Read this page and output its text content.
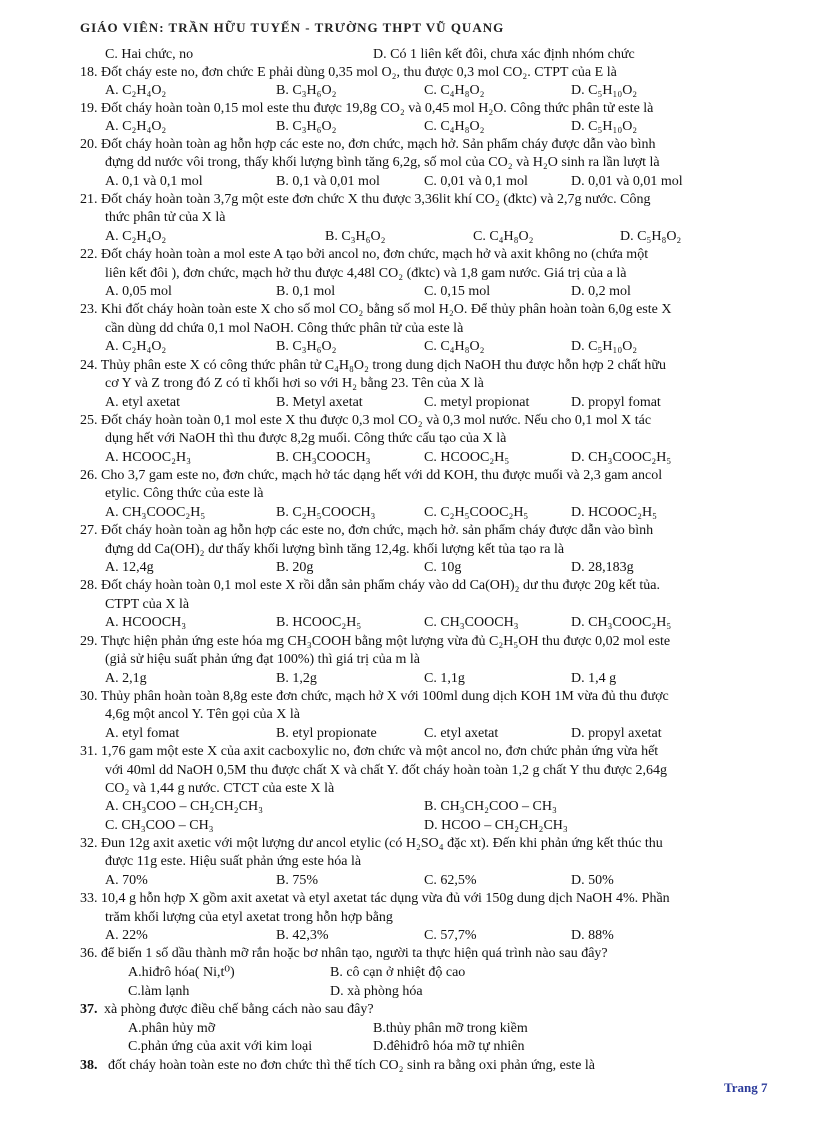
GIÁO VIÊN: TRẦN HỮU TUYẾN - TRƯỜNG THPT VŨ QUANG
C. Hai chức, no	D. Có 1 liên kết đôi, chưa xác định nhóm chức
18. Đốt cháy este no, đơn chức E phải dùng 0,35 mol O₂, thu được 0,3 mol CO₂. CTPT của E là
A. C₂H₄O₂	B. C₃H₆O₂	C. C₄H₈O₂	D. C₅H₁₀O₂
19. Đốt cháy hoàn toàn 0,15 mol este thu được 19,8g CO₂ và 0,45 mol H₂O. Công thức phân tử este là
A. C₂H₄O₂	B. C₃H₆O₂	C. C₄H₈O₂	D. C₅H₁₀O₂
20. Đốt cháy hoàn toàn ag hỗn hợp các este no, đơn chức, mạch hở. Sản phẩm cháy được dẫn vào bình
đựng dd nước vôi trong, thấy khối lượng bình tăng 6,2g, số mol của CO₂ và H₂O sinh ra lần lượt là
A. 0,1 và 0,1 mol	B. 0,1 và 0,01 mol	C. 0,01 và 0,1 mol	D. 0,01 và 0,01 mol
21. Đốt cháy hoàn toàn 3,7g một este đơn chức X thu được 3,36lit khí CO₂ (đktc) và 2,7g nước. Công
thức phân tử của X là
A. C₂H₄O₂	B. C₃H₆O₂	C. C₄H₈O₂	D. C₅H₈O₂
22. Đốt cháy hoàn toàn a mol este A tạo bởi ancol no, đơn chức, mạch hở và axit không no (chứa một
liên kết đôi ), đơn chức, mạch hở thu được 4,48l CO₂ (đktc) và 1,8 gam nước. Giá trị của a là
A. 0,05 mol	B. 0,1 mol	C. 0,15 mol	D. 0,2 mol
23. Khi đốt cháy hoàn toàn este X cho số mol CO₂ bằng số mol H₂O. Để thủy phân hoàn toàn 6,0g este X
cần dùng dd chứa 0,1 mol NaOH. Công thức phân tử của este là
A. C₂H₄O₂	B. C₃H₆O₂	C. C₄H₈O₂	D. C₅H₁₀O₂
24. Thủy phân este X có công thức phân tử C₄H₈O₂ trong dung dịch NaOH thu được hỗn hợp 2 chất hữu
cơ Y và Z trong đó Z có tỉ khối hơi so với H₂ bằng 23. Tên của X là
A. etyl axetat	B. Metyl axetat	C. metyl propionat	D. propyl fomat
25. Đốt cháy hoàn toàn 0,1 mol este X thu được 0,3 mol CO₂ và 0,3 mol nước. Nếu cho 0,1 mol X tác
dụng hết với NaOH thì thu được 8,2g muối. Công thức cấu tạo của X là
A. HCOOC₂H₃	B. CH₃COOCH₃	C. HCOOC₂H₅	D. CH₃COOC₂H₅
26. Cho 3,7 gam este no, đơn chức, mạch hở tác dạng hết với dd KOH, thu được muối và 2,3 gam ancol
etylic. Công thức của este là
A. CH₃COOC₂H₅	B. C₂H₅COOCH₃	C. C₂H₅COOC₂H₅	D. HCOOC₂H₅
27. Đốt cháy hoàn toàn ag hỗn hợp các este no, đơn chức, mạch hở. sản phẩm cháy được dẫn vào bình
đựng dd Ca(OH)₂ dư thấy khối lượng bình tăng 12,4g. khối lượng kết tủa tạo ra là
A. 12,4g	B. 20g	C. 10g	D. 28,183g
28. Đốt cháy hoàn toàn 0,1 mol este X rồi dẫn sản phẩm cháy vào dd Ca(OH)₂ dư thu được 20g kết tủa.
CTPT của X là
A. HCOOCH₃	B. HCOOC₂H₅	C. CH₃COOCH₃	D. CH₃COOC₂H₅
29. Thực hiện phản ứng este hóa mg CH₃COOH bằng một lượng vừa đủ C₂H₅OH thu được 0,02 mol este
(giả sử hiệu suất phản ứng đạt 100%) thì giá trị của m là
A. 2,1g	B. 1,2g	C. 1,1g	D. 1,4 g
30. Thủy phân hoàn toàn 8,8g este đơn chức, mạch hở X với 100ml dung dịch KOH 1M vừa đủ thu được
4,6g một ancol Y. Tên gọi của X là
A. etyl fomat	B. etyl propionate	C. etyl axetat	D. propyl axetat
31. 1,76 gam một este X của axit cacboxylic no, đơn chức và một ancol no, đơn chức phản ứng vừa hết
với 40ml dd NaOH 0,5M thu được chất X và chất Y. đốt cháy hoàn toàn 1,2 g chất Y thu được 2,64g
CO₂ và 1,44 g nước. CTCT của este X là
A. CH₃COO – CH₂CH₂CH₃	B. CH₃CH₂COO – CH₃
C. CH₃COO – CH₃	D. HCOO – CH₂CH₂CH₃
32. Đun 12g axit axetic với một lượng dư ancol etylic (có H₂SO₄ đặc xt). Đến khi phản ứng kết thúc thu
được 11g este. Hiệu suất phản ứng este hóa là
A. 70%	B. 75%	C. 62,5%	D. 50%
33. 10,4 g hỗn hợp X gồm axit axetat và etyl axetat tác dụng vừa đủ với 150g dung dịch NaOH 4%. Phần
trăm khối lượng của etyl axetat trong hỗn hợp bằng
A. 22%	B. 42,3%	C. 57,7%	D. 88%
36. để biến 1 số dầu thành mỡ rắn hoặc bơ nhân tạo, người ta thực hiện quá trình nào sau đây?
A.hiđrô hóa( Ni,t⁰)	B. cô cạn ở nhiệt độ cao
C.làm lạnh	D. xà phòng hóa
37. xà phòng được điều chế bằng cách nào sau đây?
A.phân hủy mỡ	B.thủy phân mỡ trong kiềm
C.phản ứng của axit với kim loại	D.đêhiđrô hóa mỡ tự nhiên
38. đốt cháy hoàn toàn este no đơn chức thì thể tích CO₂ sinh ra bằng oxi phản ứng, este là
Trang 7
